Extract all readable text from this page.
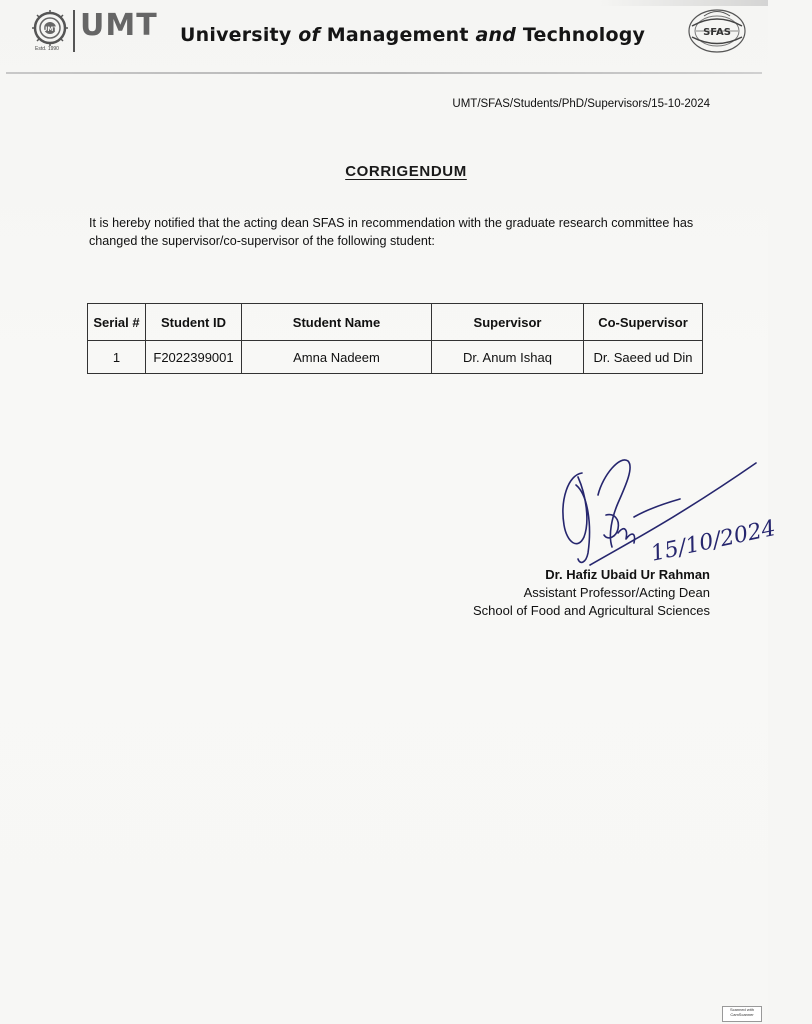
UMT
Estd. 1990
UMT University of Management and Technology	SFAS
UMT/SFAS/Students/PhD/Supervisors/15-10-2024
CORRIGENDUM
It is hereby notified that the acting dean SFAS in recommendation with the graduate research committee has changed the supervisor/co-supervisor of the following student:
Serial #	Student ID	Student Name	Supervisor	Co-Supervisor
1	F2022399001	Amna Nadeem	Dr. Anum Ishaq	Dr. Saeed ud Din
15/10/2024
Dr. Hafiz Ubaid Ur Rahman
Assistant Professor/Acting Dean
School of Food and Agricultural Sciences
Scanned with CamScanner
